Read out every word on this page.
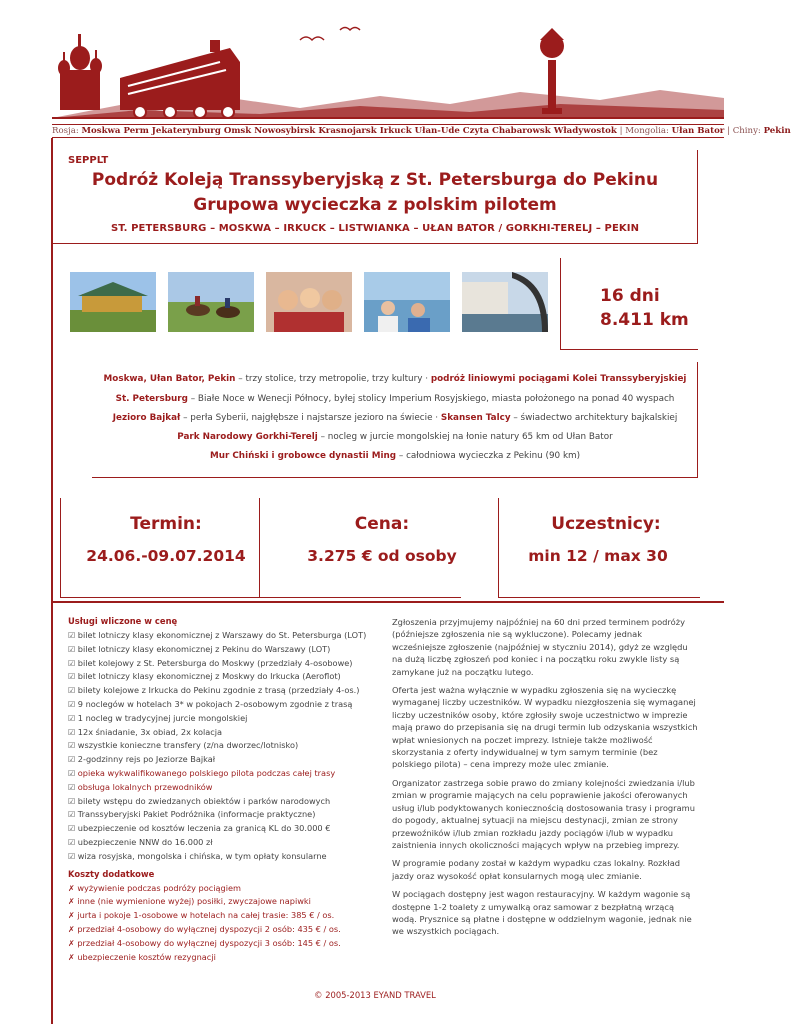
Rosja: Moskwa Perm Jekaterynburg Omsk Nowosybirsk Krasnojarsk Irkuck Ułan-Ude Czyta Chabarowsk Władywostok | Mongolia: Ułan Bator | Chiny: Pekin
SEPPLT
Podróż Koleją Transsyberyjską z St. Petersburga do Pekinu
Grupowa wycieczka z polskim pilotem
ST. PETERSBURG – MOSKWA – IRKUCK – LISTWIANKA – UŁAN BATOR / GORKHI-TERELJ – PEKIN
16 dni
8.411 km
Moskwa, Ułan Bator, Pekin – trzy stolice, trzy metropolie, trzy kultury · podróż liniowymi pociągami Kolei Transsyberyjskiej
St. Petersburg – Białe Noce w Wenecji Północy, byłej stolicy Imperium Rosyjskiego, miasta położonego na ponad 40 wyspach
Jezioro Bajkał – perła Syberii, najgłębsze i najstarsze jezioro na świecie · Skansen Talcy – świadectwo architektury bajkalskiej
Park Narodowy Gorkhi-Terelj – nocleg w jurcie mongolskiej na łonie natury 65 km od Ułan Bator
Mur Chiński i grobowce dynastii Ming – całodniowa wycieczka z Pekinu (90 km)
Termin:
24.06.-09.07.2014
Cena:
3.275 € od osoby
Uczestnicy:
min 12 / max 30
Usługi wliczone w cenę
☑ bilet lotniczy klasy ekonomicznej z Warszawy do St. Petersburga (LOT)
☑ bilet lotniczy klasy ekonomicznej z Pekinu do Warszawy (LOT)
☑ bilet kolejowy z St. Petersburga do Moskwy (przedziały 4-osobowe)
☑ bilet lotniczy klasy ekonomicznej z Moskwy do Irkucka (Aeroflot)
☑ bilety kolejowe z Irkucka do Pekinu zgodnie z trasą (przedziały 4-os.)
☑ 9 noclegów w hotelach 3* w pokojach 2-osobowym zgodnie z trasą
☑ 1 nocleg w tradycyjnej jurcie mongolskiej
☑ 12x śniadanie, 3x obiad, 2x kolacja
☑ wszystkie konieczne transfery (z/na dworzec/lotnisko)
☑ 2-godzinny rejs po Jeziorze Bajkał
☑ opieka wykwalifikowanego polskiego pilota podczas całej trasy
☑ obsługa lokalnych przewodników
☑ bilety wstępu do zwiedzanych obiektów i parków narodowych
☑ Transsyberyjski Pakiet Podróżnika (informacje praktyczne)
☑ ubezpieczenie od kosztów leczenia za granicą KL do 30.000 €
☑ ubezpieczenie NNW do 16.000 zł
☑ wiza rosyjska, mongolska i chińska, w tym opłaty konsularne
Koszty dodatkowe
✗ wyżywienie podczas podróży pociągiem
✗ inne (nie wymienione wyżej) posiłki, zwyczajowe napiwki
✗ jurta i pokoje 1-osobowe w hotelach na całej trasie: 385 € / os.
✗ przedział 4-osobowy do wyłącznej dyspozycji 2 osób: 435 € / os.
✗ przedział 4-osobowy do wyłącznej dyspozycji 3 osób: 145 € / os.
✗ ubezpieczenie kosztów rezygnacji

Zgłoszenia przyjmujemy najpóźniej na 60 dni przed terminem podróży (późniejsze zgłoszenia nie są wykluczone). Polecamy jednak wcześniejsze zgłoszenie (najpóźniej w styczniu 2014), gdyż ze względu na dużą liczbę zgłoszeń pod koniec i na początku roku zwykle listy są zamykane już na początku lutego.

Oferta jest ważna wyłącznie w wypadku zgłoszenia się na wycieczkę wymaganej liczby uczestników. W wypadku niezgłoszenia się wymaganej liczby uczestników osoby, które zgłosiły swoje uczestnictwo w imprezie mają prawo do przepisania się na drugi termin lub odzyskania wszystkich wpłat wniesionych na poczet imprezy. Istnieje także możliwość skorzystania z oferty indywidualnej w tym samym terminie (bez polskiego pilota) – cena imprezy może ulec zmianie.

Organizator zastrzega sobie prawo do zmiany kolejności zwiedzania i/lub zmian w programie mających na celu poprawienie jakości oferowanych usług i/lub podyktowanych koniecznością dostosowania trasy i programu do pogody, aktualnej sytuacji na miejscu destynacji, zmian ze strony przewoźników i/lub zmian rozkładu jazdy pociągów i/lub w wypadku zaistnienia innych okoliczności mających wpływ na przebieg imprezy.

W programie podany został w każdym wypadku czas lokalny. Rozkład jazdy oraz wysokość opłat konsularnych mogą ulec zmianie.

W pociągach dostępny jest wagon restauracyjny. W każdym wagonie są dostępne 1-2 toalety z umywalką oraz samowar z bezpłatną wrzącą wodą. Prysznice są płatne i dostępne w oddzielnym wagonie, jednak nie we wszystkich pociągach.

© 2005-2013 EYAND TRAVEL
